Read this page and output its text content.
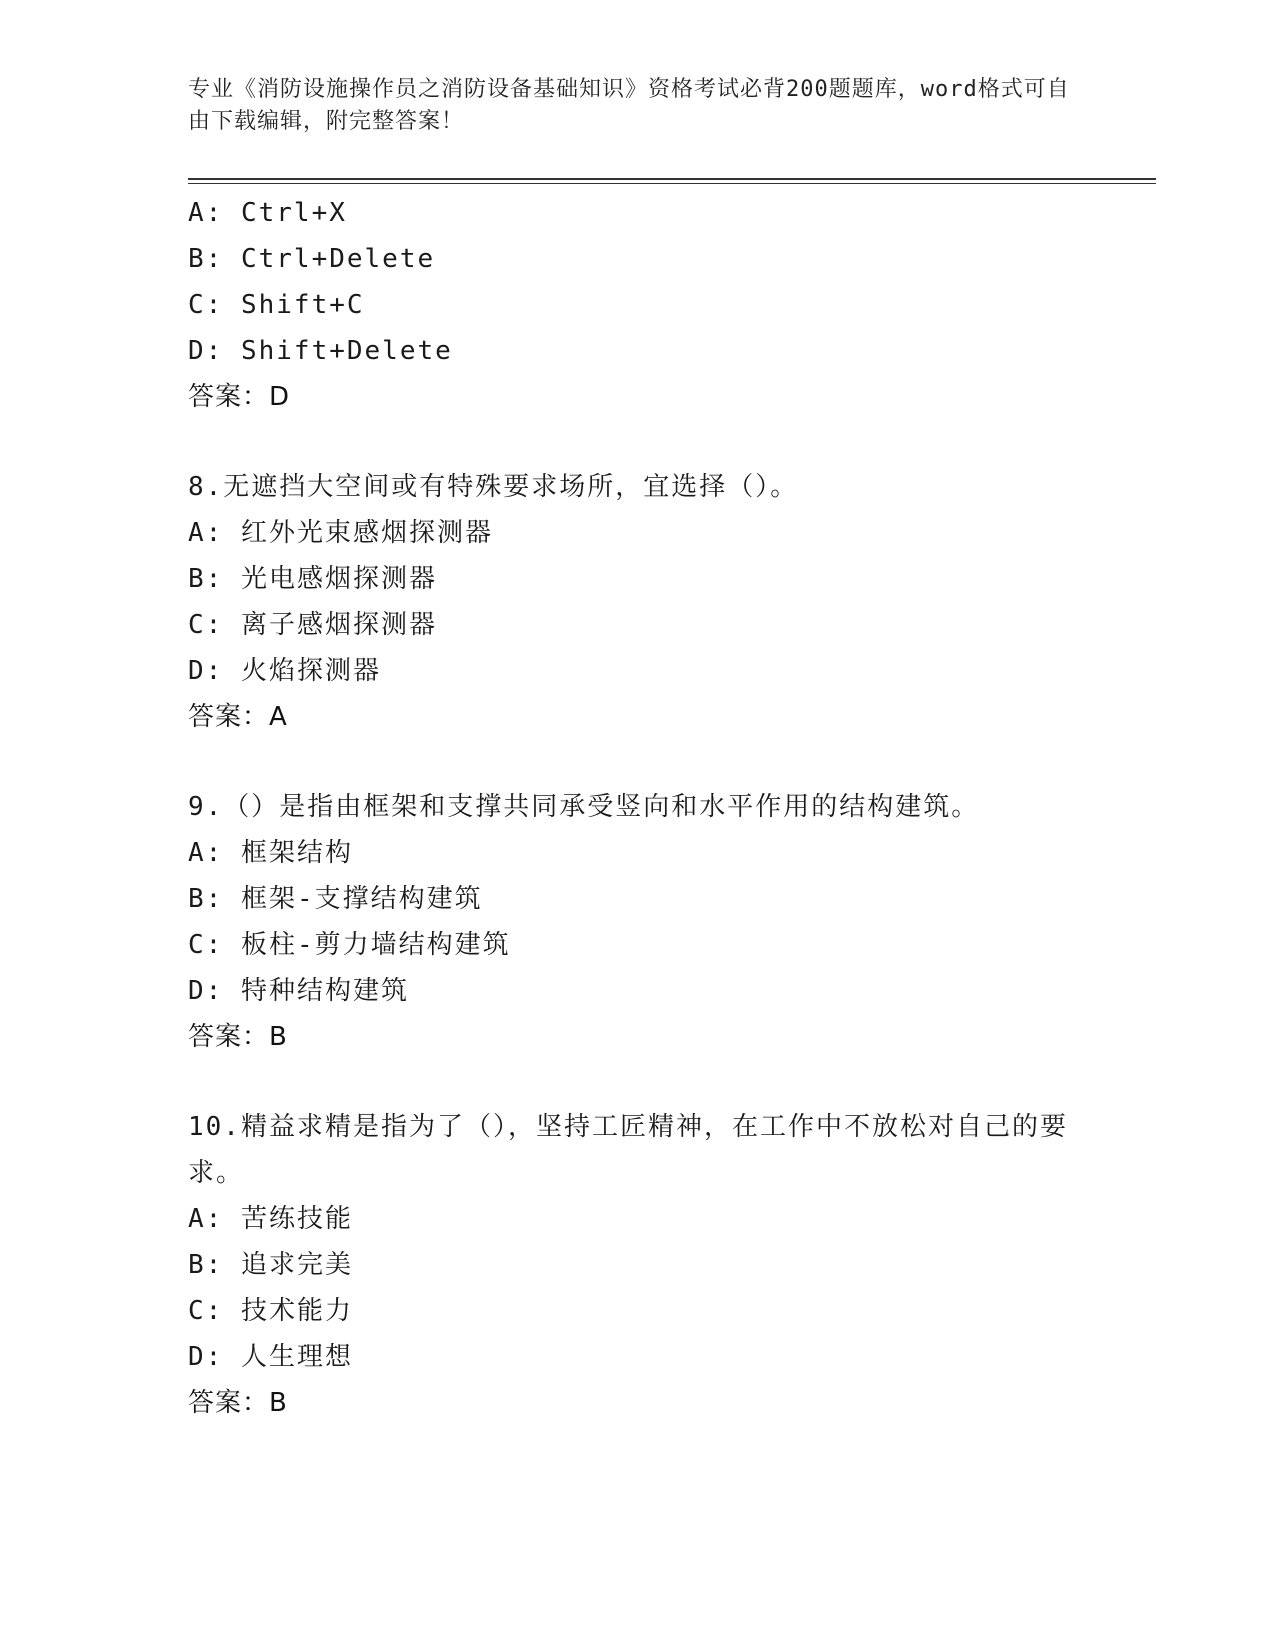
专业《消防设施操作员之消防设备基础知识》资格考试必背200题题库，word格式可自由下载编辑，附完整答案！
A: Ctrl+X
B: Ctrl+Delete
C: Shift+C
D: Shift+Delete
答案：D
8.无遮挡大空间或有特殊要求场所，宜选择（）。
A: 红外光束感烟探测器
B: 光电感烟探测器
C: 离子感烟探测器
D: 火焰探测器
答案：A
9.（）是指由框架和支撑共同承受竖向和水平作用的结构建筑。
A: 框架结构
B: 框架-支撑结构建筑
C: 板柱-剪力墙结构建筑
D: 特种结构建筑
答案：B
10.精益求精是指为了（），坚持工匠精神，在工作中不放松对自己的要求。
A: 苦练技能
B: 追求完美
C: 技术能力
D: 人生理想
答案：B
